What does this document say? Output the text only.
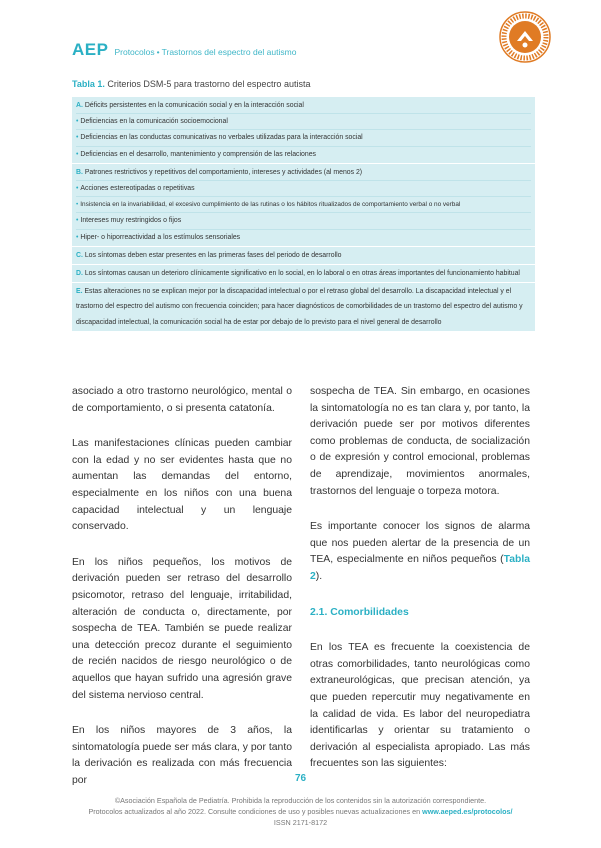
AEP Protocolos • Trastornos del espectro del autismo
Tabla 1. Criterios DSM-5 para trastorno del espectro autista
A. Déficits persistentes en la comunicación social y en la interacción social
• Deficiencias en la comunicación socioemocional
• Deficiencias en las conductas comunicativas no verbales utilizadas para la interacción social
• Deficiencias en el desarrollo, mantenimiento y comprensión de las relaciones
B. Patrones restrictivos y repetitivos del comportamiento, intereses y actividades (al menos 2)
• Acciones estereotipadas o repetitivas
• Insistencia en la invariabilidad, el excesivo cumplimiento de las rutinas o los hábitos ritualizados de comportamiento verbal o no verbal
• Intereses muy restringidos o fijos
• Hiper- o hiporreactividad a los estímulos sensoriales
C. Los síntomas deben estar presentes en las primeras fases del periodo de desarrollo
D. Los síntomas causan un deterioro clínicamente significativo en lo social, en lo laboral o en otras áreas importantes del funcionamiento habitual
E. Estas alteraciones no se explican mejor por la discapacidad intelectual o por el retraso global del desarrollo. La discapacidad intelectual y el trastorno del espectro del autismo con frecuencia coinciden; para hacer diagnósticos de comorbilidades de un trastorno del espectro del autismo y discapacidad intelectual, la comunicación social ha de estar por debajo de lo previsto para el nivel general de desarrollo

asociado a otro trastorno neurológico, mental o de comportamiento, o si presenta catatonía.

Las manifestaciones clínicas pueden cambiar con la edad y no ser evidentes hasta que no aumentan las demandas del entorno, especialmente en los niños con una buena capacidad intelectual y un lenguaje conservado.

En los niños pequeños, los motivos de derivación pueden ser retraso del desarrollo psicomotor, retraso del lenguaje, irritabilidad, alteración de conducta o, directamente, por sospecha de TEA. También se puede realizar una detección precoz durante el seguimiento de recién nacidos de riesgo neurológico o de aquellos que hayan sufrido una agresión grave del sistema nervioso central.

En los niños mayores de 3 años, la sintomatología puede ser más clara, y por tanto la derivación es realizada con más frecuencia por

sospecha de TEA. Sin embargo, en ocasiones la sintomatología no es tan clara y, por tanto, la derivación puede ser por motivos diferentes como problemas de conducta, de socialización o de expresión y control emocional, problemas de aprendizaje, movimientos anormales, trastornos del lenguaje o torpeza motora.

Es importante conocer los signos de alarma que nos pueden alertar de la presencia de un TEA, especialmente en niños pequeños (Tabla 2).

2.1. Comorbilidades

En los TEA es frecuente la coexistencia de otras comorbilidades, tanto neurológicas como extraneurológicas, que precisan atención, ya que pueden repercutir muy negativamente en la calidad de vida. Es labor del neuropediatra identificarlas y orientar su tratamiento o derivación al especialista apropiado. Las más frecuentes son las siguientes:

76
©Asociación Española de Pediatría. Prohibida la reproducción de los contenidos sin la autorización correspondiente.
Protocolos actualizados al año 2022. Consulte condiciones de uso y posibles nuevas actualizaciones en www.aeped.es/protocolos/
ISSN 2171-8172
